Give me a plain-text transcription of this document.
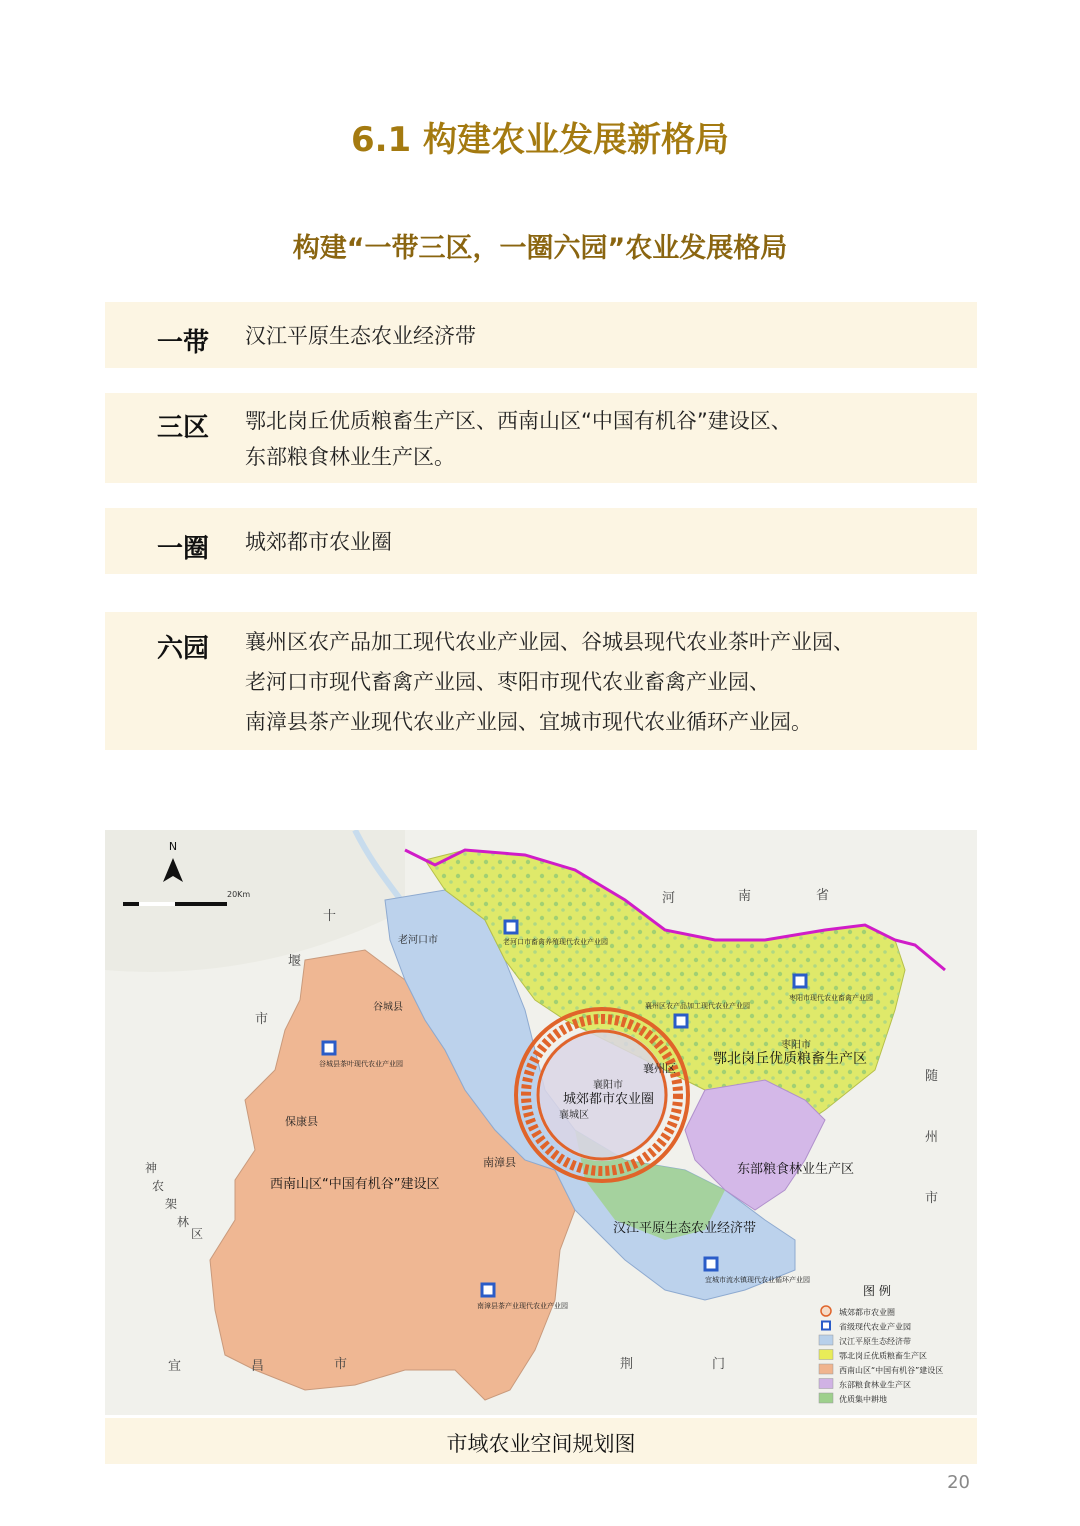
6.1 构建农业发展新格局
构建“一带三区，一圈六园”农业发展格局
一带 汉江平原生态农业经济带
三区 鄂北岗丘优质粮畜生产区、西南山区“中国有机谷”建设区、
东部粮食林业生产区。
一圈 城郊都市农业圈
六园 襄州区农产品加工现代农业产业园、谷城县现代农业茶叶产业园、
老河口市现代畜禽产业园、枣阳市现代农业畜禽产业园、
南漳县茶产业现代农业产业园、宜城市现代农业循环产业园。
N
20Km
十
堰
市
河	南	省
随
州
市
神
农
架
林
区
宜	昌	市	荆	门
老河口市
谷城县
保康县
南漳县
襄阳市
襄州区
襄城区
枣阳市
鄂北岗丘优质粮畜生产区
西南山区“中国有机谷”建设区
东部粮食林业生产区
汉江平原生态农业经济带
城郊都市农业圈
老河口市畜禽养殖现代农业产业园
襄州区农产品加工现代农业产业园
枣阳市现代农业畜禽产业园
谷城县茶叶现代农业产业园
南漳县茶产业现代农业产业园
宜城市流水镇现代农业循环产业园
图 例
城郊都市农业圈
省级现代农业产业园
汉江平原生态经济带
鄂北岗丘优质粮畜生产区
西南山区“中国有机谷”建设区
东部粮食林业生产区
优质集中耕地
市域农业空间规划图
20
